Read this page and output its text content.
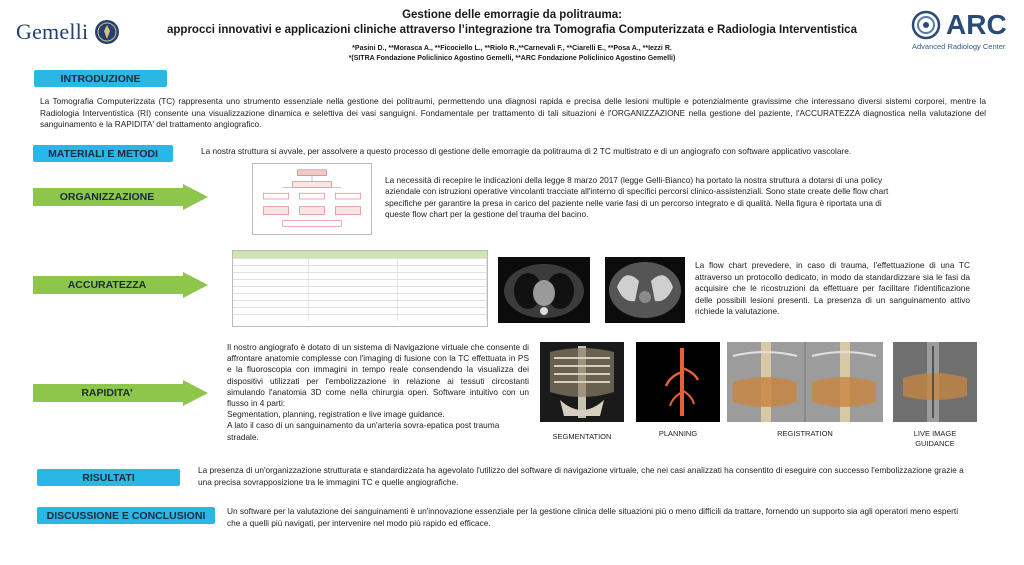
Gemelli	ARC
Advanced Radiology Center
Gestione delle emorragie da politrauma:
approcci innovativi e applicazioni cliniche attraverso l’integrazione tra Tomografia Computerizzata e Radiologia Interventistica
*Pasini D., **Morasca A., **Ficociello L., **Riolo R.,**Carnevali F., **Ciarelli E., **Posa A., **Iezzi R.
*(SITRA Fondazione Policlinico Agostino Gemelli, **ARC Fondazione Policlinico Agostino Gemelli)
INTRODUZIONE
La Tomografia Computerizzata (TC) rappresenta uno strumento essenziale nella gestione dei politraumi, permettendo una diagnosi rapida e precisa delle lesioni multiple e potenzialmente gravissime che interessano diversi sistemi corporei, mentre la Radiologia Interventistica (RI) consente una visualizzazione dinamica e selettiva dei vasi sanguigni. Fondamentale per trattamento di tali situazioni è l'ORGANIZZAZIONE nella gestione del paziente, l'ACCURATEZZA diagnostica nella valutazione del sanguinamento e la RAPIDITA' del trattamento angiografico.
MATERIALI E METODI	La nostra struttura si avvale, per assolvere a questo processo di gestione delle emorragie da politrauma di 2 TC multistrato e di un angiografo con software applicativo vascolare.
ORGANIZZAZIONE
La necessità di recepire le indicazioni della legge 8 marzo 2017 (legge Gelli-Bianco) ha portato la nostra struttura a dotarsi di una policy aziendale con istruzioni operative vincolanti tracciate all'interno di specifici percorsi clinico-assistenziali. Sono state create delle flow chart specifiche per garantire la presa in carico del paziente nelle varie fasi di un percorso integrato e di qualità. Nella figura è riportata una di queste flow chart per la gestione del trauma del bacino.
ACCURATEZZA
La flow chart prevedere, in caso di trauma, l'effettuazione di una TC attraverso un protocollo dedicato, in modo da standardizzare sia le fasi da acquisire che le ricostruzioni da effettuare per facilitare l'identificazione delle possibili lesioni presenti. La presenza di un sanguinamento attivo richiede la valutazione.
RAPIDITA'
Il nostro angiografo è dotato di un sistema di Navigazione virtuale che consente di affrontare anatomie complesse con l'imaging di fusione con la TC effettuata in PS e la fluoroscopia con immagini in tempo reale consendendo la visualizza dei dispositivi utilizzati per l'embolizzazione in relazione ai tessuti circostanti simulando l'anatomia 3D come nella chirurgia open. Software intuitivo con un flusso in 4 parti:
Segmentation, planning, registration e live image guidance.
A lato il caso di un sanguinamento da un'arteria sovra-epatica post trauma stradale.	SEGMENTATION	PLANNING	REGISTRATION	LIVE IMAGE GUIDANCE
RISULTATI
La presenza di un'organizzazione strutturata e standardizzata ha agevolato l'utilizzo del software di navigazione virtuale, che nei casi analizzati ha consentito di eseguire con successo l'embolizzazione grazie a una precisa sovrapposizione tra le immagini TC e quelle angiografiche.
DISCUSSIONE E CONCLUSIONI	Un software per la valutazione dei sanguinamenti è un'innovazione essenziale per la gestione clinica delle situazioni più o meno difficili da trattare, fornendo un supporto sia agli operatori meno esperti che a quelli più navigati, per intervenire nel modo più rapido ed efficace.
